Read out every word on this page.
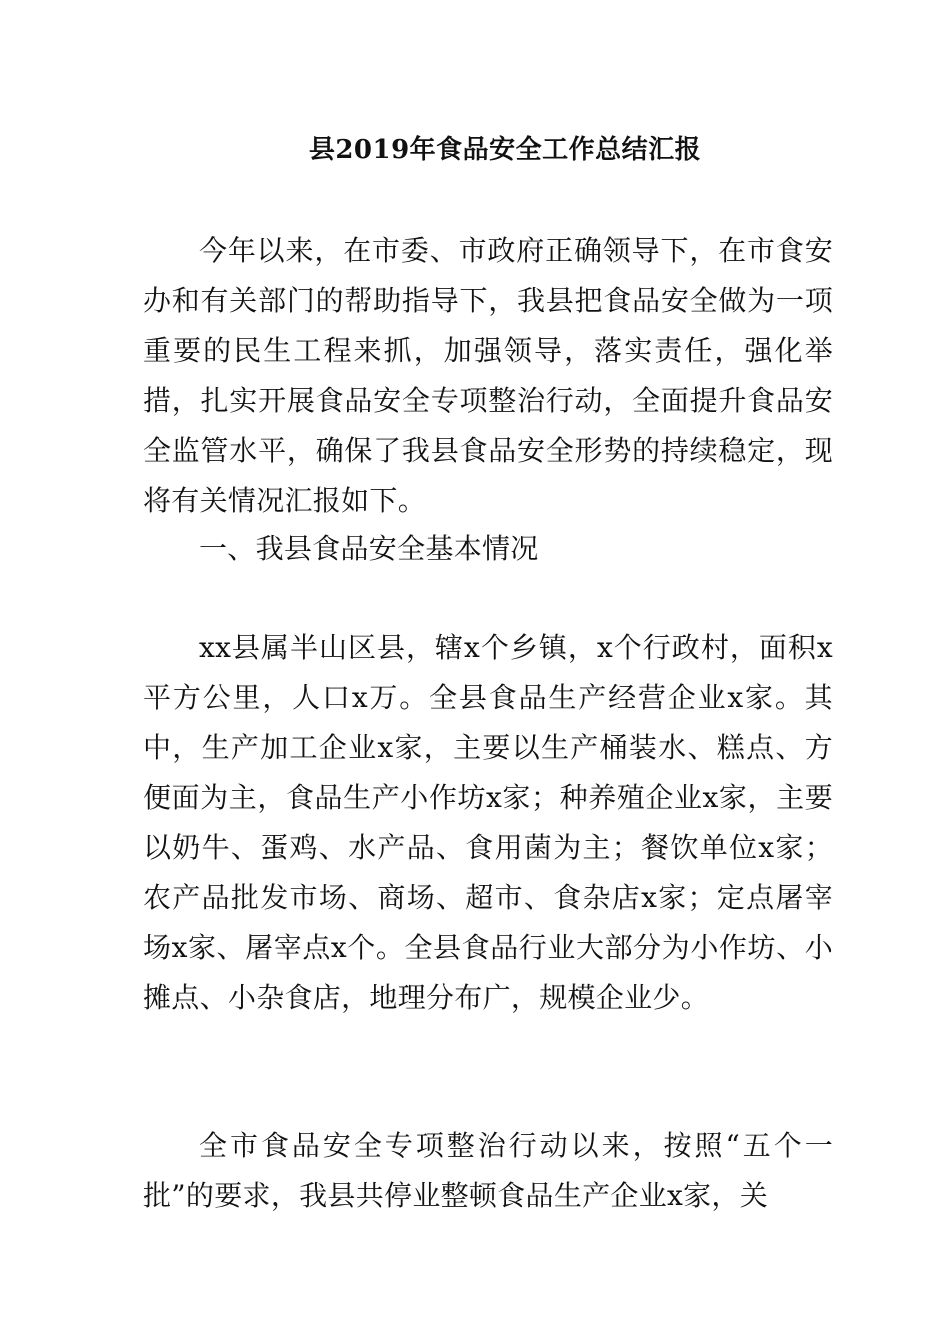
县2019年食品安全工作总结汇报

今年以来，在市委、市政府正确领导下，在市食安办和有关部门的帮助指导下，我县把食品安全做为一项重要的民生工程来抓，加强领导，落实责任，强化举措，扎实开展食品安全专项整治行动，全面提升食品安全监管水平，确保了我县食品安全形势的持续稳定，现将有关情况汇报如下。

一、我县食品安全基本情况

xx县属半山区县，辖x个乡镇，x个行政村，面积x平方公里，人口x万。全县食品生产经营企业x家。其中，生产加工企业x家，主要以生产桶装水、糕点、方便面为主，食品生产小作坊x家；种养殖企业x家，主要以奶牛、蛋鸡、水产品、食用菌为主；餐饮单位x家；农产品批发市场、商场、超市、食杂店x家；定点屠宰场x家、屠宰点x个。全县食品行业大部分为小作坊、小摊点、小杂食店，地理分布广，规模企业少。

全市食品安全专项整治行动以来，按照“五个一批”的要求，我县共停业整顿食品生产企业x家，关
